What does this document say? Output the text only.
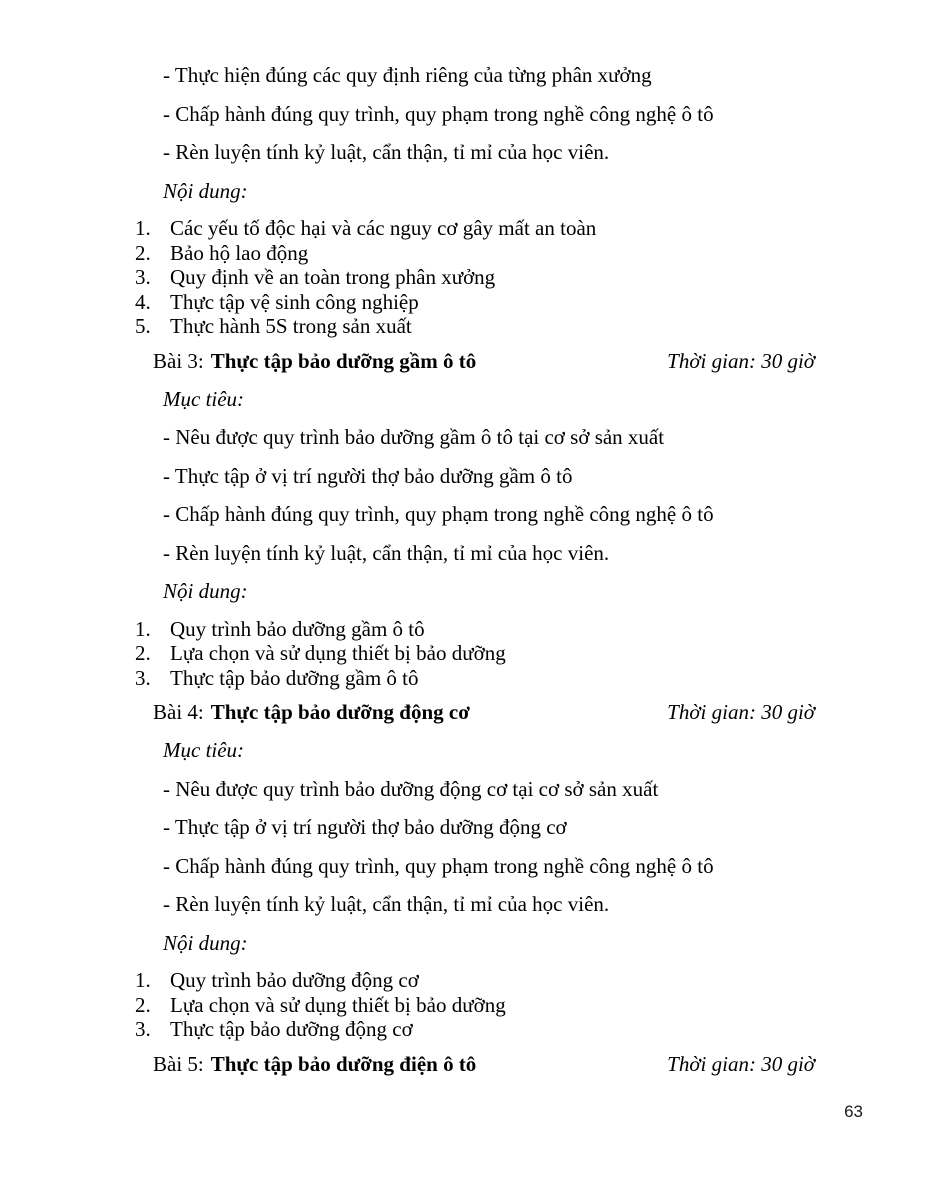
- Thực hiện đúng các quy định riêng của từng phân xưởng
- Chấp hành đúng quy trình, quy phạm trong nghề công nghệ ô tô
- Rèn luyện tính kỷ luật, cẩn thận, tỉ mỉ của học viên.
Nội dung:
1. Các yếu tố độc hại và các nguy cơ gây mất an toàn
2. Bảo hộ lao động
3. Quy định về an toàn trong phân xưởng
4. Thực tập vệ sinh công nghiệp
5. Thực hành 5S trong sản xuất
Bài 3: Thực tập bảo dưỡng gầm ô tô	Thời gian: 30 giờ
Mục tiêu:
- Nêu được quy trình bảo dưỡng gầm ô tô tại cơ sở sản xuất
- Thực tập ở vị trí người thợ bảo dưỡng gầm ô tô
- Chấp hành đúng quy trình, quy phạm trong nghề công nghệ ô tô
- Rèn luyện tính kỷ luật, cẩn thận, tỉ mỉ của học viên.
Nội dung:
1. Quy trình bảo dưỡng gầm ô tô
2. Lựa chọn và sử dụng thiết bị bảo dưỡng
3. Thực tập bảo dưỡng gầm ô tô
Bài 4: Thực tập bảo dưỡng động cơ	Thời gian: 30 giờ
Mục tiêu:
- Nêu được quy trình bảo dưỡng động cơ tại cơ sở sản xuất
- Thực tập ở vị trí người thợ bảo dưỡng động cơ
- Chấp hành đúng quy trình, quy phạm trong nghề công nghệ ô tô
- Rèn luyện tính kỷ luật, cẩn thận, tỉ mỉ của học viên.
Nội dung:
1. Quy trình bảo dưỡng động cơ
2. Lựa chọn và sử dụng thiết bị bảo dưỡng
3. Thực tập bảo dưỡng động cơ
Bài 5: Thực tập bảo dưỡng điện ô tô	Thời gian: 30 giờ
63
